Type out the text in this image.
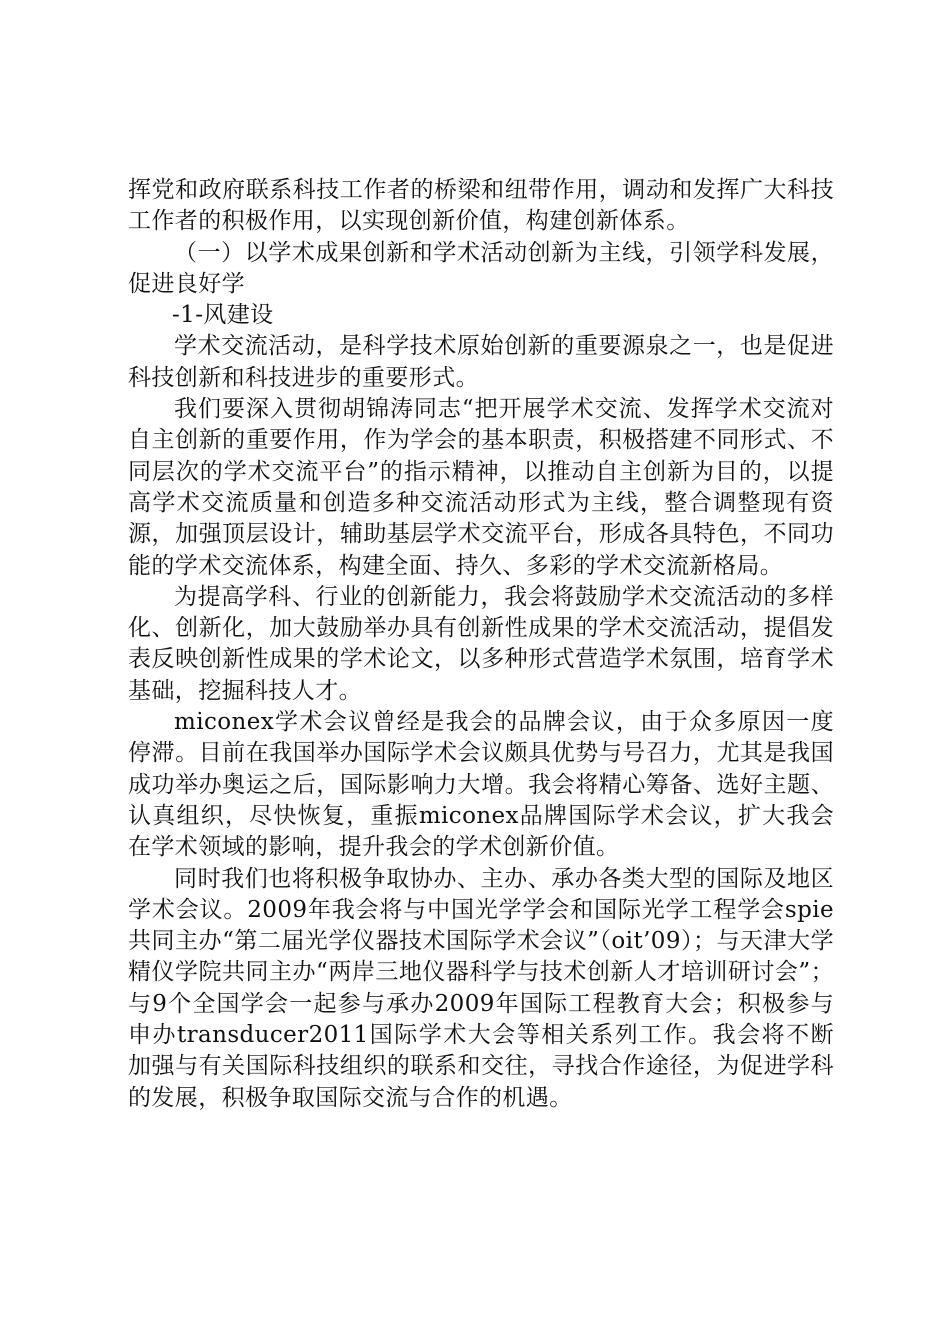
挥党和政府联系科技工作者的桥梁和纽带作用，调动和发挥广大科技工作者的积极作用，以实现创新价值，构建创新体系。

（一）以学术成果创新和学术活动创新为主线，引领学科发展，促进良好学

-1-风建设

学术交流活动，是科学技术原始创新的重要源泉之一，也是促进科技创新和科技进步的重要形式。

我们要深入贯彻胡锦涛同志“把开展学术交流、发挥学术交流对自主创新的重要作用，作为学会的基本职责，积极搭建不同形式、不同层次的学术交流平台”的指示精神，以推动自主创新为目的，以提高学术交流质量和创造多种交流活动形式为主线，整合调整现有资源，加强顶层设计，辅助基层学术交流平台，形成各具特色，不同功能的学术交流体系，构建全面、持久、多彩的学术交流新格局。

为提高学科、行业的创新能力，我会将鼓励学术交流活动的多样化、创新化，加大鼓励举办具有创新性成果的学术交流活动，提倡发表反映创新性成果的学术论文，以多种形式营造学术氛围，培育学术基础，挖掘科技人才。

miconex学术会议曾经是我会的品牌会议，由于众多原因一度停滞。目前在我国举办国际学术会议颇具优势与号召力，尤其是我国成功举办奥运之后，国际影响力大增。我会将精心筹备、选好主题、认真组织，尽快恢复，重振miconex品牌国际学术会议，扩大我会在学术领域的影响，提升我会的学术创新价值。

同时我们也将积极争取协办、主办、承办各类大型的国际及地区学术会议。2009年我会将与中国光学学会和国际光学工程学会spie共同主办“第二届光学仪器技术国际学术会议”（oit’09）；与天津大学精仪学院共同主办“两岸三地仪器科学与技术创新人才培训研讨会”；与9个全国学会一起参与承办2009年国际工程教育大会；积极参与申办transducer2011国际学术大会等相关系列工作。我会将不断加强与有关国际科技组织的联系和交往，寻找合作途径，为促进学科的发展，积极争取国际交流与合作的机遇。
